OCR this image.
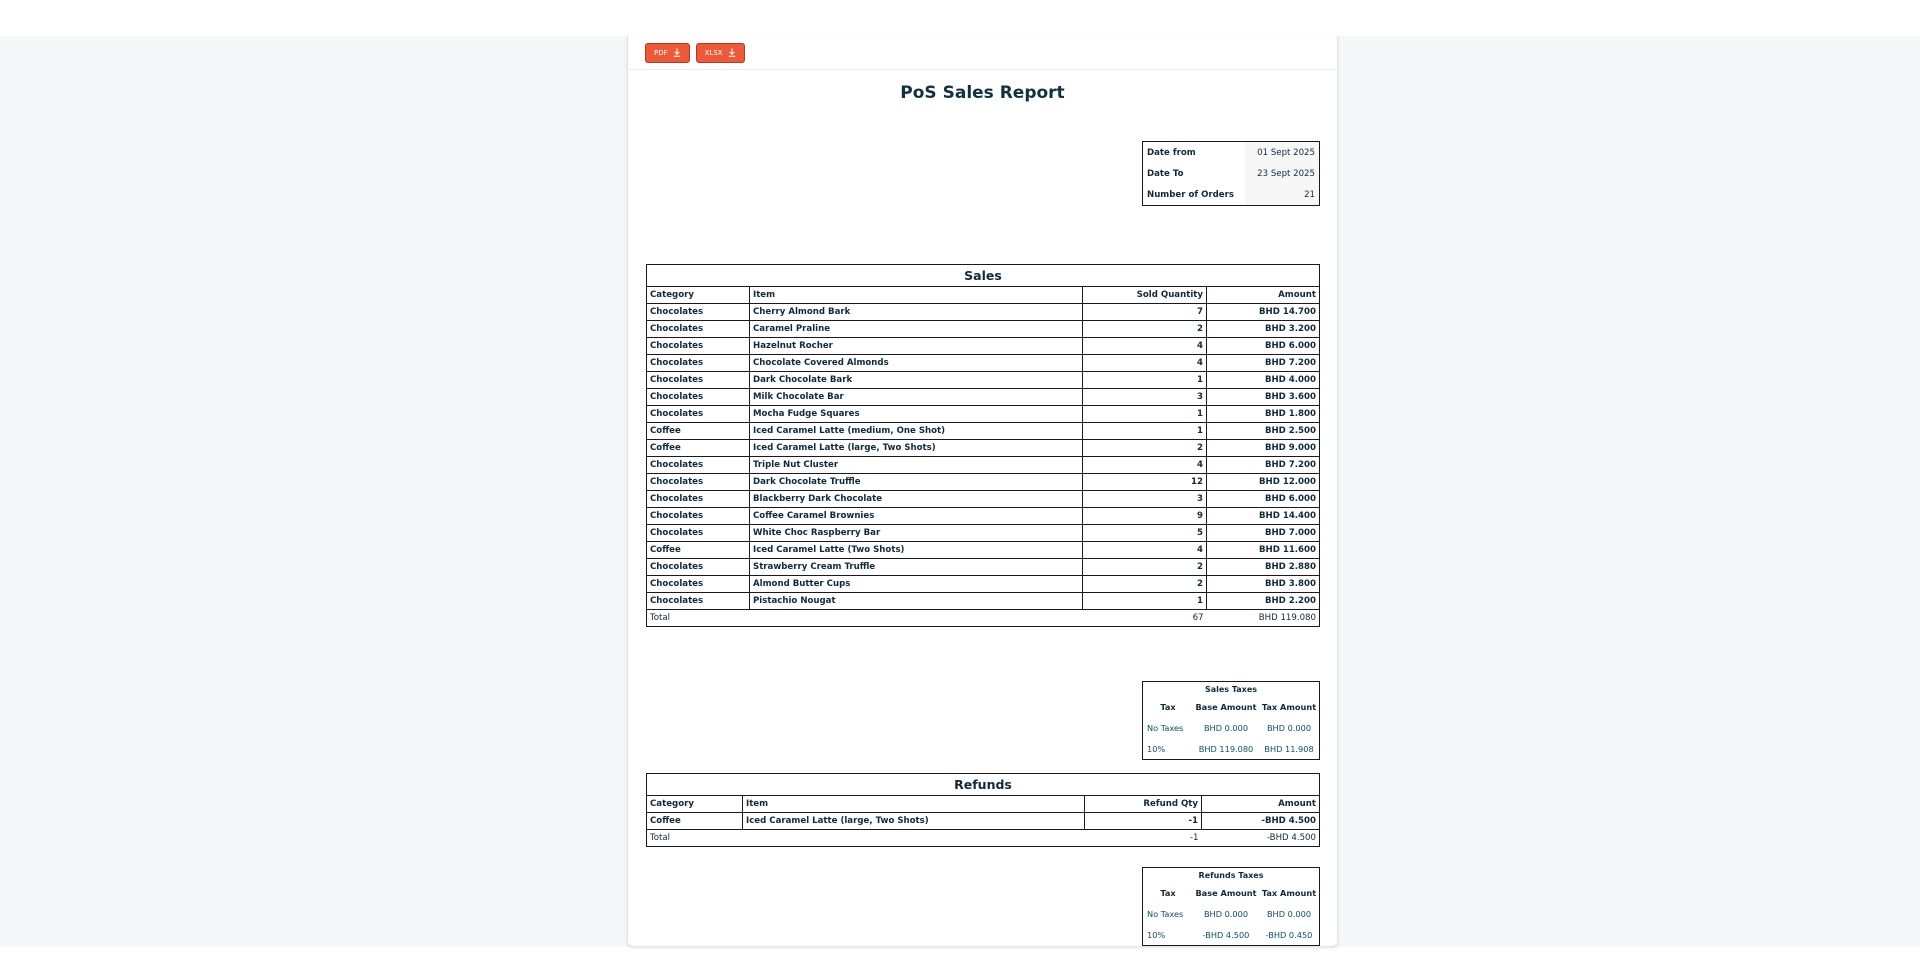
PDF	XLSX
PoS Sales Report
Date from	01 Sept 2025
Date To	23 Sept 2025
Number of Orders	21
Sales			
Category	Item	Sold Quantity	Amount
Chocolates	Cherry Almond Bark	7	BHD 14.700
Chocolates	Caramel Praline	2	BHD 3.200
Chocolates	Hazelnut Rocher	4	BHD 6.000
Chocolates	Chocolate Covered Almonds	4	BHD 7.200
Chocolates	Dark Chocolate Bark	1	BHD 4.000
Chocolates	Milk Chocolate Bar	3	BHD 3.600
Chocolates	Mocha Fudge Squares	1	BHD 1.800
Coffee	Iced Caramel Latte (medium, One Shot)	1	BHD 2.500
Coffee	Iced Caramel Latte (large, Two Shots)	2	BHD 9.000
Chocolates	Triple Nut Cluster	4	BHD 7.200
Chocolates	Dark Chocolate Truffle	12	BHD 12.000
Chocolates	Blackberry Dark Chocolate	3	BHD 6.000
Chocolates	Coffee Caramel Brownies	9	BHD 14.400
Chocolates	White Choc Raspberry Bar	5	BHD 7.000
Coffee	Iced Caramel Latte (Two Shots)	4	BHD 11.600
Chocolates	Strawberry Cream Truffle	2	BHD 2.880
Chocolates	Almond Butter Cups	2	BHD 3.800
Chocolates	Pistachio Nougat	1	BHD 2.200
Total		67	BHD 119.080
Sales Taxes		
Tax	Base Amount	Tax Amount
No Taxes	BHD 0.000	BHD 0.000
10%	BHD 119.080	BHD 11.908
Refunds			
Category	Item	Refund Qty	Amount
Coffee	Iced Caramel Latte (large, Two Shots)	-1	-BHD 4.500
Total		-1	-BHD 4.500
Refunds Taxes		
Tax	Base Amount	Tax Amount
No Taxes	BHD 0.000	BHD 0.000
10%	-BHD 4.500	-BHD 0.450
